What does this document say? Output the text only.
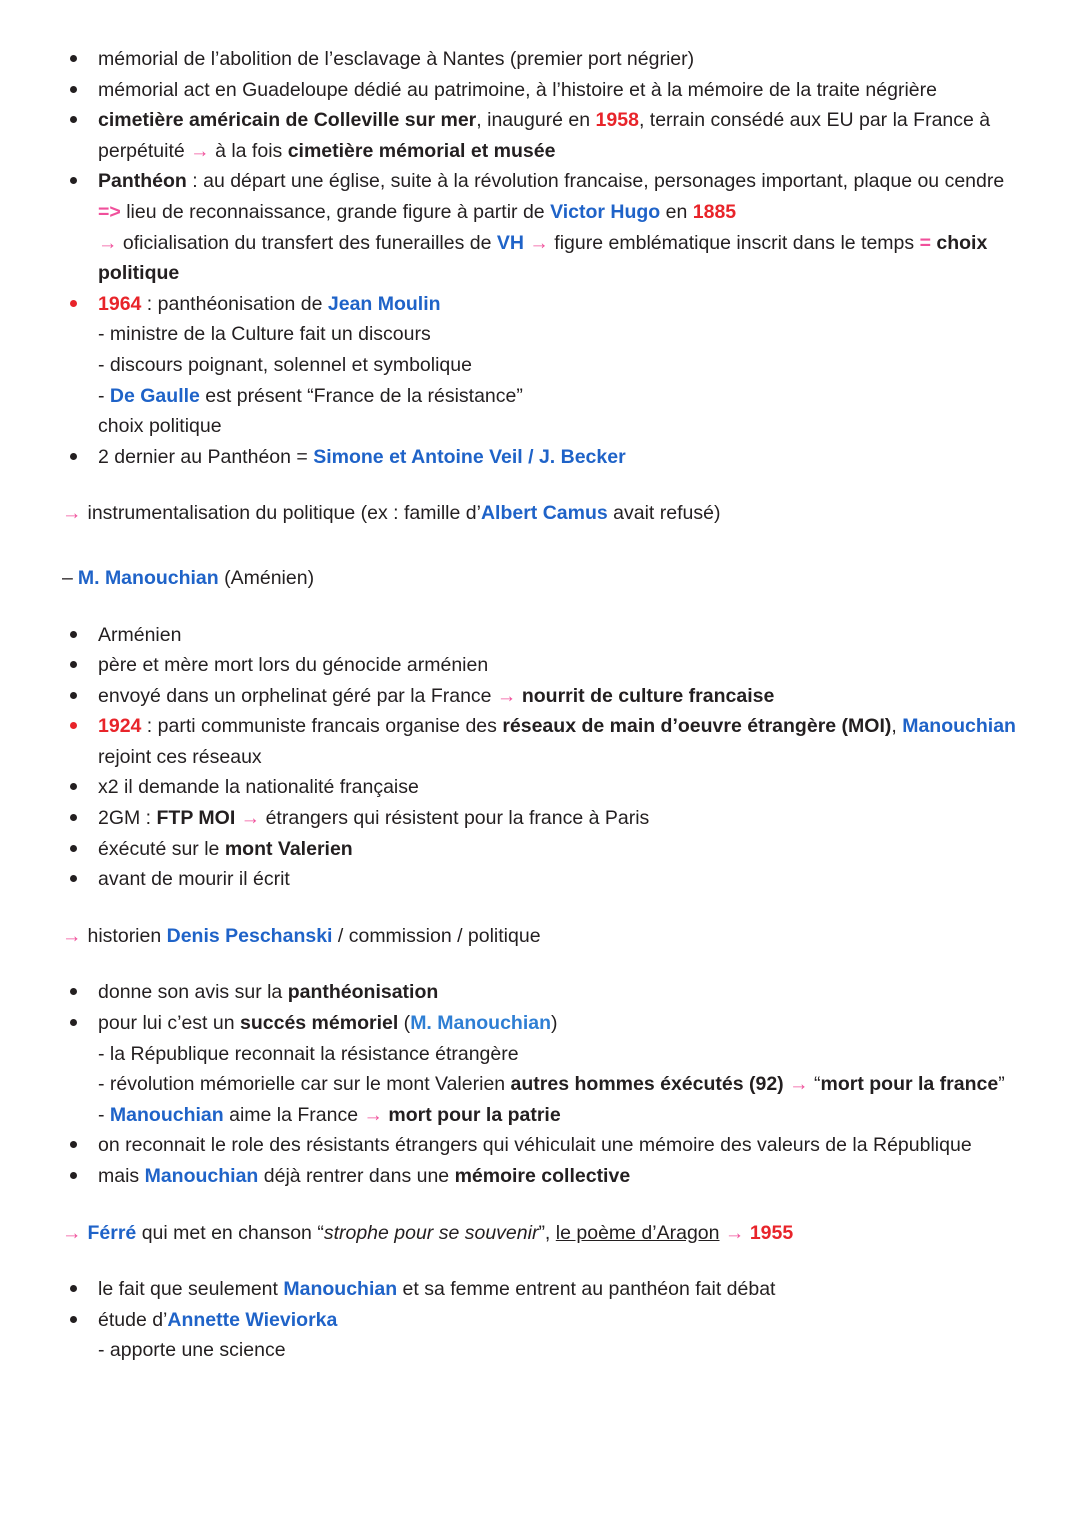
mémorial de l’abolition de l’esclavage à Nantes (premier port négrier)
mémorial act en Guadeloupe dédié au patrimoine, à l’histoire et à la mémoire de la traite négrière
cimetière américain de Colleville sur mer, inauguré en 1958, terrain consédé aux EU par la France à perpétuité → à la fois cimetière mémorial et musée
Panthéon : au départ une église, suite à la révolution francaise, personages important, plaque ou cendre => lieu de reconnaissance, grande figure à partir de Victor Hugo en 1885
→ oficialisation du transfert des funerailles de VH → figure emblématique inscrit dans le temps = choix politique
1964 : panthéonisation de Jean Moulin
- ministre de la Culture fait un discours
- discours poignant, solennel et symbolique
- De Gaulle est présent “France de la résistance”
choix politique
2 dernier au Panthéon = Simone et Antoine Veil / J. Becker

→ instrumentalisation du politique (ex : famille d’Albert Camus avait refusé)

– M. Manouchian (Aménien)

Arménien
père et mère mort lors du génocide arménien
envoyé dans un orphelinat géré par la France → nourrit de culture francaise
1924 : parti communiste francais organise des réseaux de main d’oeuvre étrangère (MOI), Manouchian rejoint ces réseaux
x2 il demande la nationalité française
2GM : FTP MOI → étrangers qui résistent pour la france à Paris
éxécuté sur le mont Valerien
avant de mourir il écrit

→ historien Denis Peschanski / commission / politique

donne son avis sur la panthéonisation
pour lui c’est un succés mémoriel (M. Manouchian)
- la République reconnait la résistance étrangère
- révolution mémorielle car sur le mont Valerien autres hommes éxécutés (92) → “mort pour la france”
- Manouchian aime la France → mort pour la patrie
on reconnait le role des résistants étrangers qui véhiculait une mémoire des valeurs de la République
mais Manouchian déjà rentrer dans une mémoire collective

→ Férré qui met en chanson “strophe pour se souvenir”, le poème d’Aragon → 1955

le fait que seulement Manouchian et sa femme entrent au panthéon fait débat
étude d’Annette Wieviorka
- apporte une science
